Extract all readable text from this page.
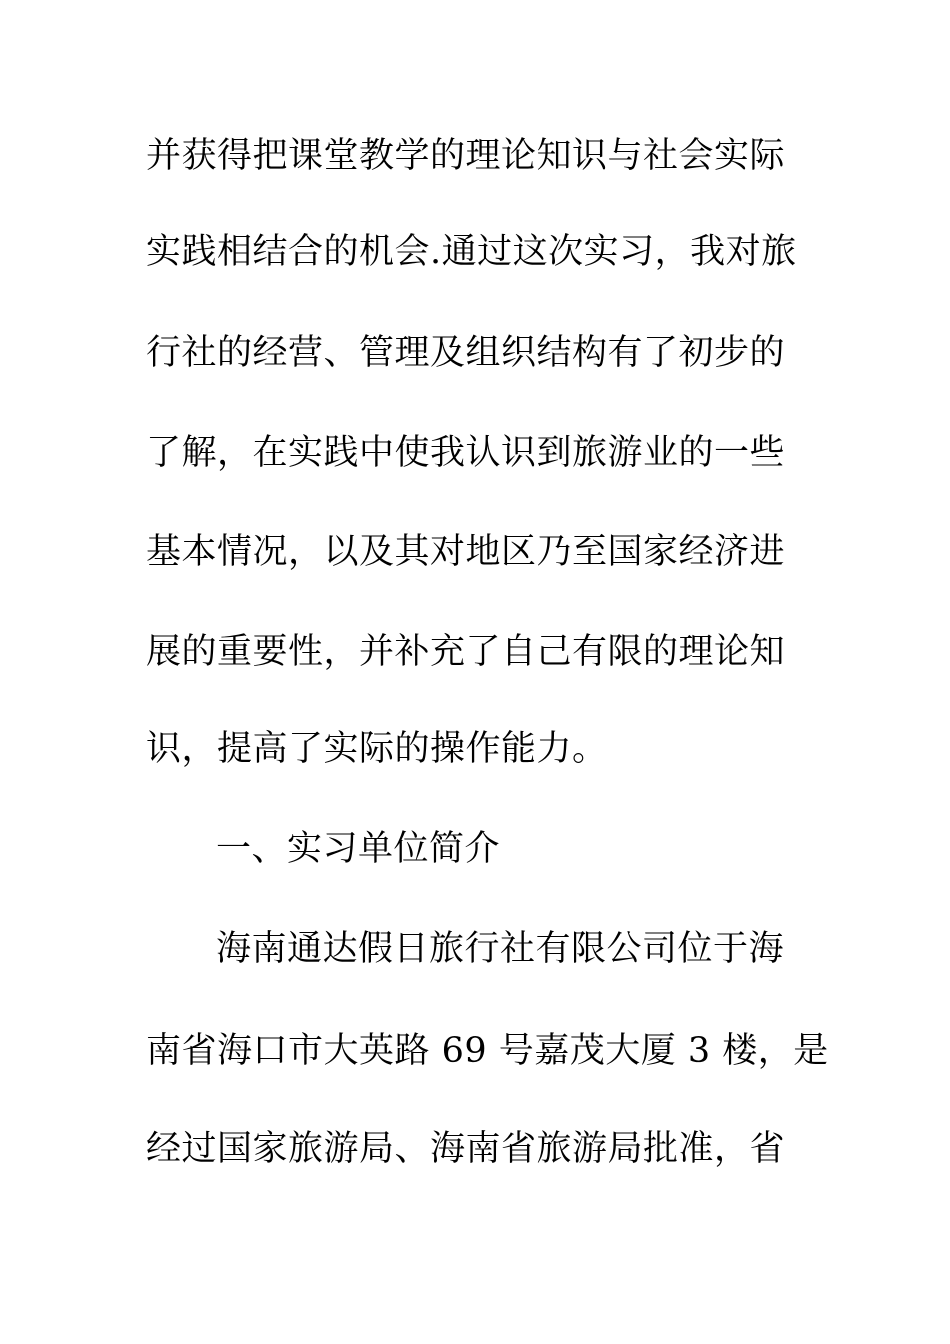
并获得把课堂教学的理论知识与社会实际
实践相结合的机会.通过这次实习，我对旅
行社的经营、管理及组织结构有了初步的
了解，在实践中使我认识到旅游业的一些
基本情况，以及其对地区乃至国家经济进
展的重要性，并补充了自己有限的理论知
识，提高了实际的操作能力。
一、实习单位简介
海南通达假日旅行社有限公司位于海
南省海口市大英路 69 号嘉茂大厦 3 楼，是
经过国家旅游局、海南省旅游局批准，省
